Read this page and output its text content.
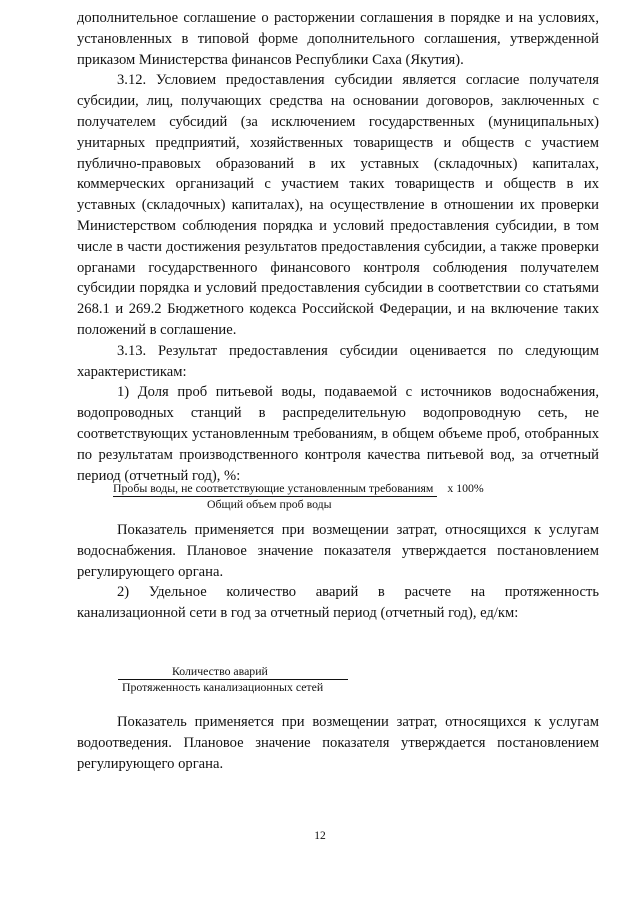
дополнительное соглашение о расторжении соглашения в порядке и на условиях, установленных в типовой форме дополнительного соглашения, утвержденной приказом Министерства финансов Республики Саха (Якутия).

3.12. Условием предоставления субсидии является согласие получателя субсидии, лиц, получающих средства на основании договоров, заключенных с получателем субсидий (за исключением государственных (муниципальных) унитарных предприятий, хозяйственных товариществ и обществ с участием публично-правовых образований в их уставных (складочных) капиталах, коммерческих организаций с участием таких товариществ и обществ в их уставных (складочных) капиталах), на осуществление в отношении их проверки Министерством соблюдения порядка и условий предоставления субсидии, в том числе в части достижения результатов предоставления субсидии, а также проверки органами государственного финансового контроля соблюдения получателем субсидии порядка и условий предоставления субсидии в соответствии со статьями 268.1 и 269.2 Бюджетного кодекса Российской Федерации, и на включение таких положений в соглашение.

3.13. Результат предоставления субсидии оценивается по следующим характеристикам:

1) Доля проб питьевой воды, подаваемой с источников водоснабжения, водопроводных станций в распределительную водопроводную сеть, не соответствующих установленным требованиям, в общем объеме проб, отобранных по результатам производственного контроля качества питьевой вод, за отчетный период (отчетный год), %:

Пробы воды, не соответствующие установленным требованиям x 100%
Общий объем проб воды

Показатель применяется при возмещении затрат, относящихся к услугам водоснабжения. Плановое значение показателя утверждается постановлением регулирующего органа.

2) Удельное количество аварий в расчете на протяженность канализационной сети в год за отчетный период (отчетный год), ед/км:

Количество аварий
Протяженность канализационных сетей

Показатель применяется при возмещении затрат, относящихся к услугам водоотведения. Плановое значение показателя утверждается постановлением регулирующего органа.

12
